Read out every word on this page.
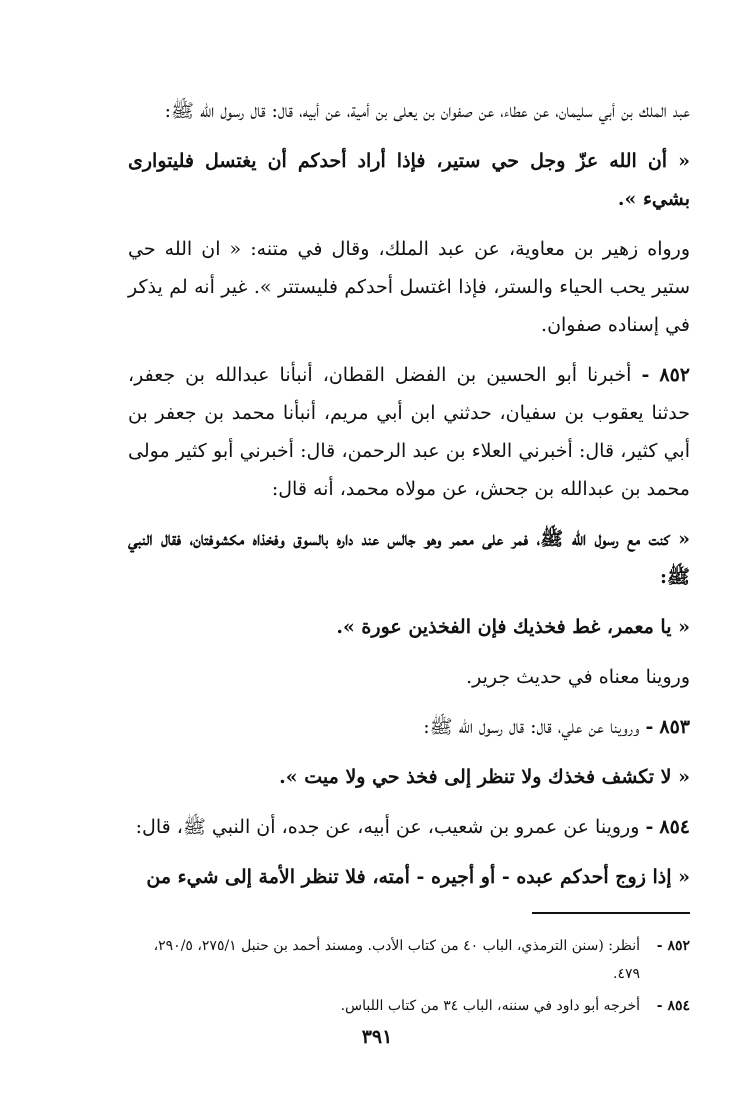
عبد الملك بن أبي سليمان، عن عطاء، عن صفوان بن يعلى بن أمية، عن أبيه، قال: قال رسول الله ﷺ:

« أن الله عزّ وجل حي ستير، فإذا أراد أحدكم أن يغتسل فليتوارى بشيء ».

ورواه زهير بن معاوية، عن عبد الملك، وقال في متنه: « ان الله حي ستير يحب الحياء والستر، فإذا اغتسل أحدكم فليستتر ». غير أنه لم يذكر في إسناده صفوان.

٨٥٢ - أخبرنا أبو الحسين بن الفضل القطان، أنبأنا عبدالله بن جعفر، حدثنا يعقوب بن سفيان، حدثني ابن أبي مريم، أنبأنا محمد بن جعفر بن أبي كثير، قال: أخبرني العلاء بن عبد الرحمن، قال: أخبرني أبو كثير مولى محمد بن عبدالله بن جحش، عن مولاه محمد، أنه قال:

« كنت مع رسول الله ﷺ، فمر على معمر وهو جالس عند داره بالسوق وفخذاه مكشوفتان، فقال النبي ﷺ:

« يا معمر، غط فخذيك فإن الفخذين عورة ».

وروينا معناه في حديث جرير.

٨٥٣ - وروينا عن علي، قال: قال رسول الله ﷺ:

« لا تكشف فخذك ولا تنظر إلى فخذ حي ولا ميت ».

٨٥٤ - وروينا عن عمرو بن شعيب، عن أبيه، عن جده، أن النبي ﷺ، قال:

« إذا زوج أحدكم عبده - أو أجيره - أمته، فلا تنظر الأمة إلى شيء من

٨٥٢ -
أنظر: (سنن الترمذي، الباب ٤٠ من كتاب الأدب. ومسند أحمد بن حنبل ٢٧٥/١، ٢٩٠/٥، ٤٧٩.
٨٥٤ -
أخرجه أبو داود في سننه، الباب ٣٤ من كتاب اللباس.
٣٩١
